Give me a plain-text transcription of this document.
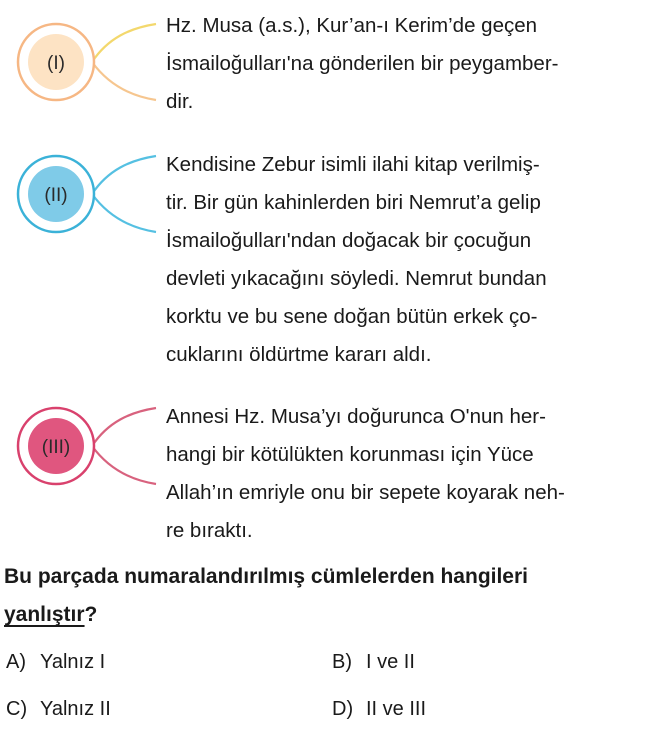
(I)
Hz. Musa (a.s.), Kur’an-ı Kerim’de geçen
İsmailoğulları'na gönderilen bir peygamber-
dir.
(II)
Kendisine Zebur isimli ilahi kitap verilmiş-
tir. Bir gün kahinlerden biri Nemrut’a gelip
İsmailoğulları'ndan doğacak bir çocuğun
devleti yıkacağını söyledi. Nemrut bundan
korktu ve bu sene doğan bütün erkek ço-
cuklarını öldürtme kararı aldı.
(III)
Annesi Hz. Musa’yı doğurunca O'nun her-
hangi bir kötülükten korunması için Yüce
Allah’ın emriyle onu bir sepete koyarak neh-
re bıraktı.
Bu parçada numaralandırılmış cümlelerden hangileri
yanlıştır?
A) Yalnız I	B) I ve II
C) Yalnız II	D) II ve III
